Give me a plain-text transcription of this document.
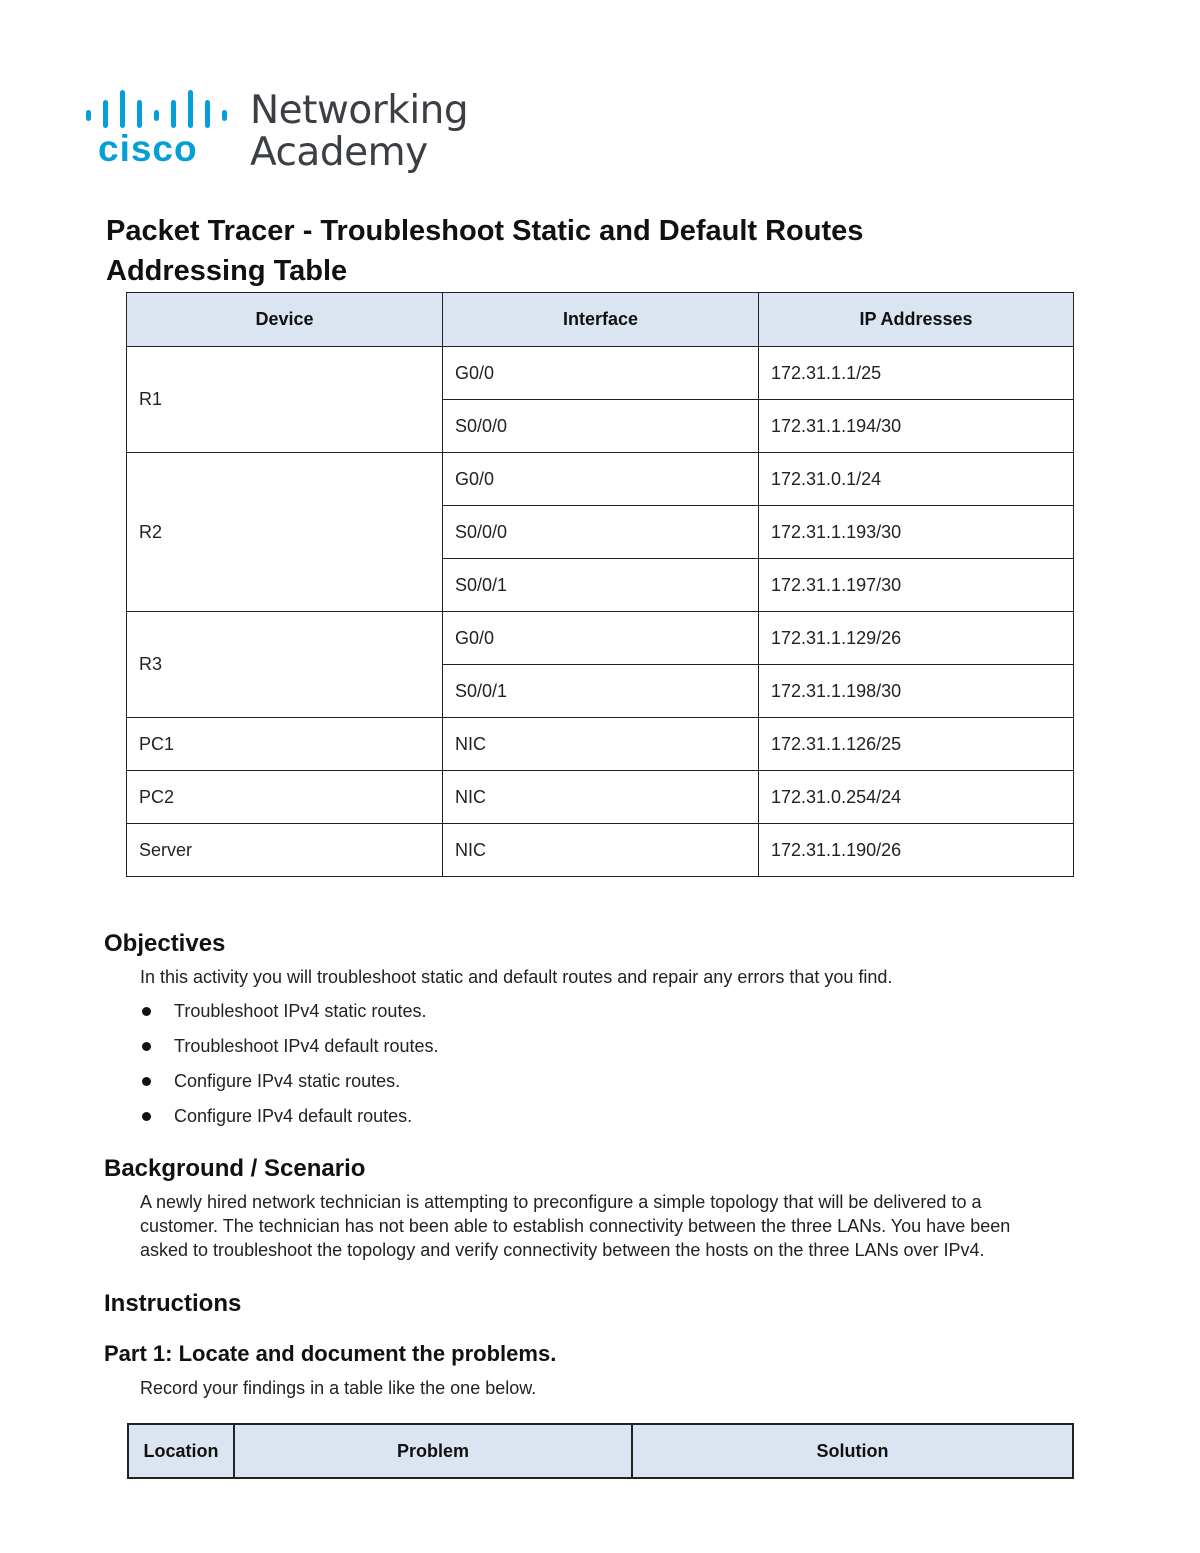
cisco
Networking
Academy
Packet Tracer - Troubleshoot Static and Default Routes
Addressing Table
Device	Interface	IP Addresses
R1	G0/0	172.31.1.1/25
	S0/0/0	172.31.1.194/30
R2	G0/0	172.31.0.1/24
	S0/0/0	172.31.1.193/30
	S0/0/1	172.31.1.197/30
R3	G0/0	172.31.1.129/26
	S0/0/1	172.31.1.198/30
PC1	NIC	172.31.1.126/25
PC2	NIC	172.31.0.254/24
Server	NIC	172.31.1.190/26
Objectives

In this activity you will troubleshoot static and default routes and repair any errors that you find.

Troubleshoot IPv4 static routes.
Troubleshoot IPv4 default routes.
Configure IPv4 static routes.
Configure IPv4 default routes.
Background / Scenario
A newly hired network technician is attempting to preconfigure a simple topology that will be delivered to a
customer. The technician has not been able to establish connectivity between the three LANs. You have been
asked to troubleshoot the topology and verify connectivity between the hosts on the three LANs over IPv4.
Instructions
Part 1: Locate and document the problems.

Record your findings in a table like the one below.

Location	Problem	Solution
